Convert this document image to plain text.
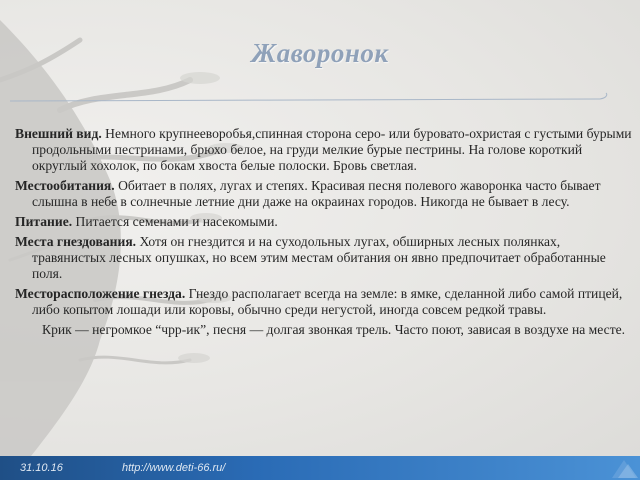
Жаворонок

Внешний вид. Немного крупнееворобья,спинная сторона серо- или буровато-охристая с густыми бурыми продольными пестринами, брюхо белое, на груди мелкие бурые пестрины. На голове короткий округлый хохолок, по бокам хвоста белые полоски. Бровь светлая.

Местообитания. Обитает в полях, лугах и степях. Красивая песня полевого жаворонка часто бывает слышна в небе в солнечные летние дни даже на окраинах городов. Никогда не бывает в лесу.

Питание. Питается семенами и насекомыми.

Места гнездования. Хотя он гнездится и на суходольных лугах, обширных лесных полянках, травянистых лесных опушках, но всем этим местам обитания он явно предпочитает обработанные поля.

Месторасположение гнезда. Гнездо располагает всегда на земле: в ямке, сделанной либо самой птицей, либо копытом лошади или коровы, обычно среди негустой, иногда совсем редкой травы.

Крик — негромкое “чрр-ик”, песня — долгая звонкая трель. Часто поют, зависая в воздухе на месте.

31.10.16	http://www.deti-66.ru/
